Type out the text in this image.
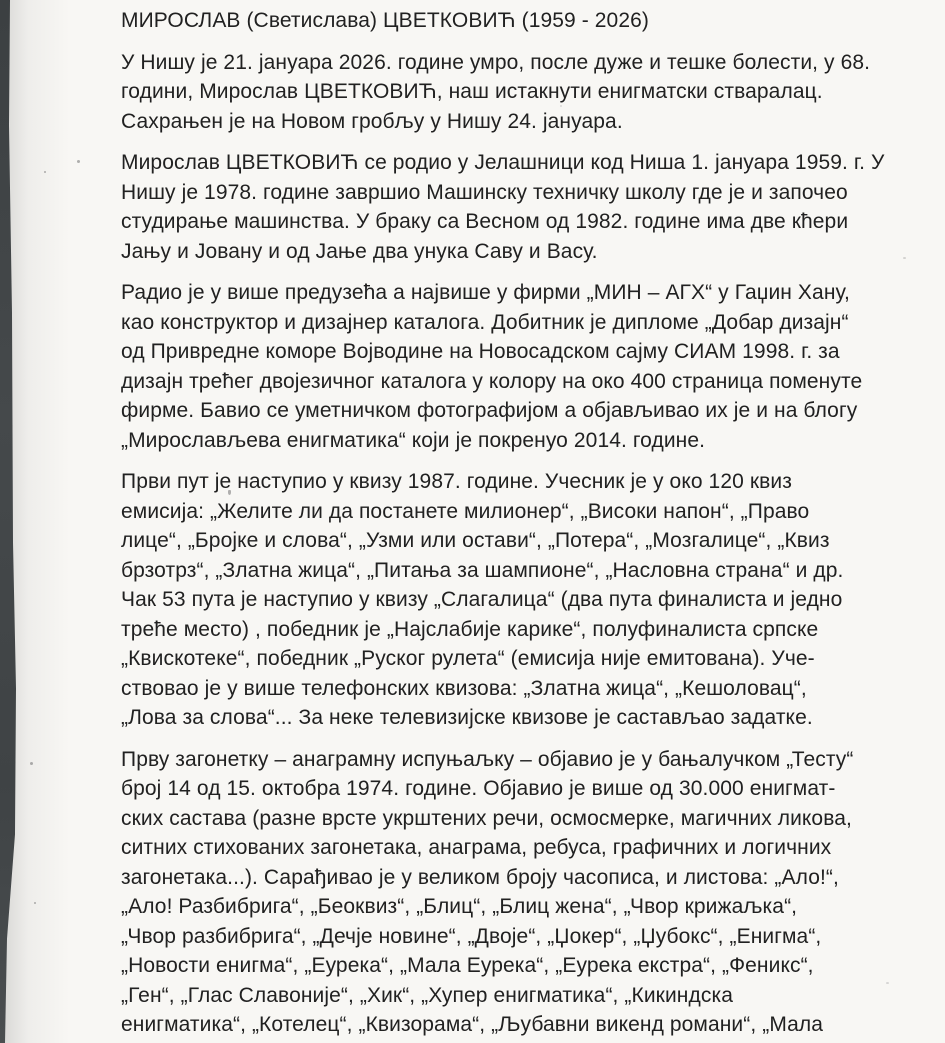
МИРОСЛАВ (Светислава) ЦВЕТКОВИЋ (1959 - 2026)
У Нишу је 21. јануара 2026. године умро, после дуже и тешке болести, у 68.
години, Мирослав ЦВЕТКОВИЋ, наш истакнути енигматски стваралац.
Сахрањен је на Новом гробљу у Нишу 24. јануара.
Мирослав ЦВЕТКОВИЋ се родио у Јелашници код Ниша 1. јануара 1959. г. У
Нишу је 1978. године завршио Машинску техничку школу где је и започео
студирање машинства. У браку са Весном од 1982. године има две кћери
Јању и Јовану и од Јање два унука Саву и Васу.
Радио је у више предузећа а највише у фирми „МИН – АГХ“ у Гаџин Хану,
као конструктор и дизајнер каталога. Добитник је дипломе „Добар дизајн“
од Привредне коморе Војводине на Новосадском сајму СИАМ 1998. г. за
дизајн трећег двојезичног каталога у колору на око 400 страница поменуте
фирме. Бавио се уметничком фотографијом а објављивао их је и на блогу
„Мирослављева енигматика“ који је покренуо 2014. године.
Први пут је наступио у квизу 1987. године. Учесник је у око 120 квиз
емисија: „Желите ли да постанете милионер“, „Високи напон“, „Право
лице“, „Бројке и слова“, „Узми или остави“, „Потера“, „Мозгалице“, „Квиз
брзотрз“, „Златна жица“, „Питања за шампионе“, „Насловна страна“ и др.
Чак 53 пута је наступио у квизу „Слагалица“ (два пута финалиста и једно
треће место) , победник је „Најслабије карике“, полуфиналиста српске
„Квискотеке“, победник „Руског рулета“ (емисија није емитована). Уче-
ствовао је у више телефонских квизова: „Златна жица“, „Кешоловац“,
„Лова за слова“... За неке телевизијске квизове је састављао задатке.
Прву загонетку – анаграмну испуњаљку – објавио је у бањалучком „Тесту“
број 14 од 15. октобра 1974. године. Објавио је више од 30.000 енигмат-
ских састава (разне врсте укрштених речи, осмосмерке, магичних ликова,
ситних стихованих загонетака, анаграма, ребуса, графичних и логичних
загонетака...). Сарађивао је у великом броју часописа, и листова: „Ало!“,
„Ало! Разбибрига“, „Беоквиз“, „Блиц“, „Блиц жена“, „Чвор крижаљка“,
„Чвор разбибрига“, „Дечје новине“, „Двоје“, „Џокер“, „Џубокс“, „Енигма“,
„Новости енигма“, „Еурека“, „Мала Еурека“, „Еурека екстра“, „Феникс“,
„Ген“, „Глас Славоније“, „Хик“, „Хупер енигматика“, „Кикиндска
енигматика“, „Котелец“, „Квизорама“, „Љубавни викенд романи“, „Мала
